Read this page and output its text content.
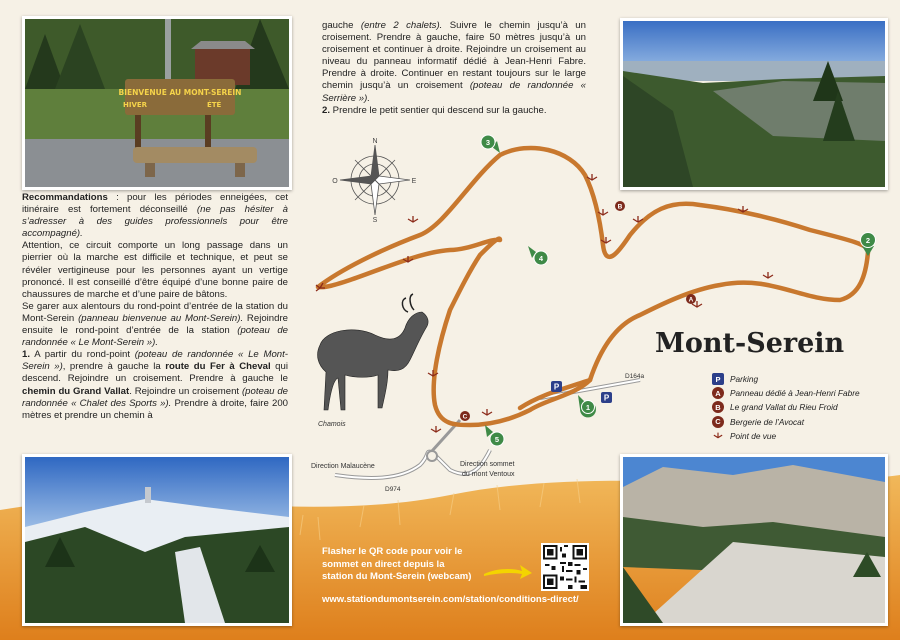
BIENVENUE AU MONT-SEREIN
HIVER	ÉTÉ

Recommandations : pour les périodes enneigées, cet itinéraire est fortement déconseillé (ne pas hésiter à s’adresser à des guides professionnels pour être accompagné).

Attention, ce circuit comporte un long passage dans un pierrier où la marche est difficile et technique, et peut se révéler vertigineuse pour les personnes ayant un vertige prononcé. Il est conseillé d’être équipé d’une bonne paire de chaussures de marche et d’une paire de bâtons.

Se garer aux alentours du rond-point d’entrée de la station du Mont-Serein (panneau bienvenue au Mont-Serein). Rejoindre ensuite le rond-point d’entrée de la station (poteau de randonnée « Le Mont-Serein »).

1. A partir du rond-point (poteau de randonnée « Le Mont-Serein »), prendre à gauche la route du Fer à Cheval qui descend. Rejoindre un croisement. Prendre à gauche le chemin du Grand Vallat. Rejoindre un croisement (poteau de randonnée « Chalet des Sports »). Prendre à droite, faire 200 mètres et prendre un chemin à

gauche (entre 2 chalets). Suivre le chemin jusqu’à un croisement. Prendre à gauche, faire 50 mètres jusqu’à un croisement et continuer à droite. Rejoindre un croisement au niveau du panneau informatif dédié à Jean-Henri Fabre. Prendre à droite. Continuer en restant toujours sur le large chemin jusqu’à un croisement (poteau de randonnée « Serrière »).

2. Prendre le petit sentier qui descend sur la gauche.

N
S
E
O
D164a
D974
Direction Malaucène	Direction sommet
du mont Ventoux
A
B
C
P
P
1
2
3
4
5
Chamois
Mont-Serein
P	Parking
A	Panneau dédié à Jean-Henri Fabre
B	Le grand Vallat du Rieu Froid
C	Bergerie de l’Avocat
Point de vue
Flasher le QR code pour voir le
sommet en direct depuis la
station du Mont-Serein (webcam)
www.stationdumontserein.com/station/conditions-direct/
